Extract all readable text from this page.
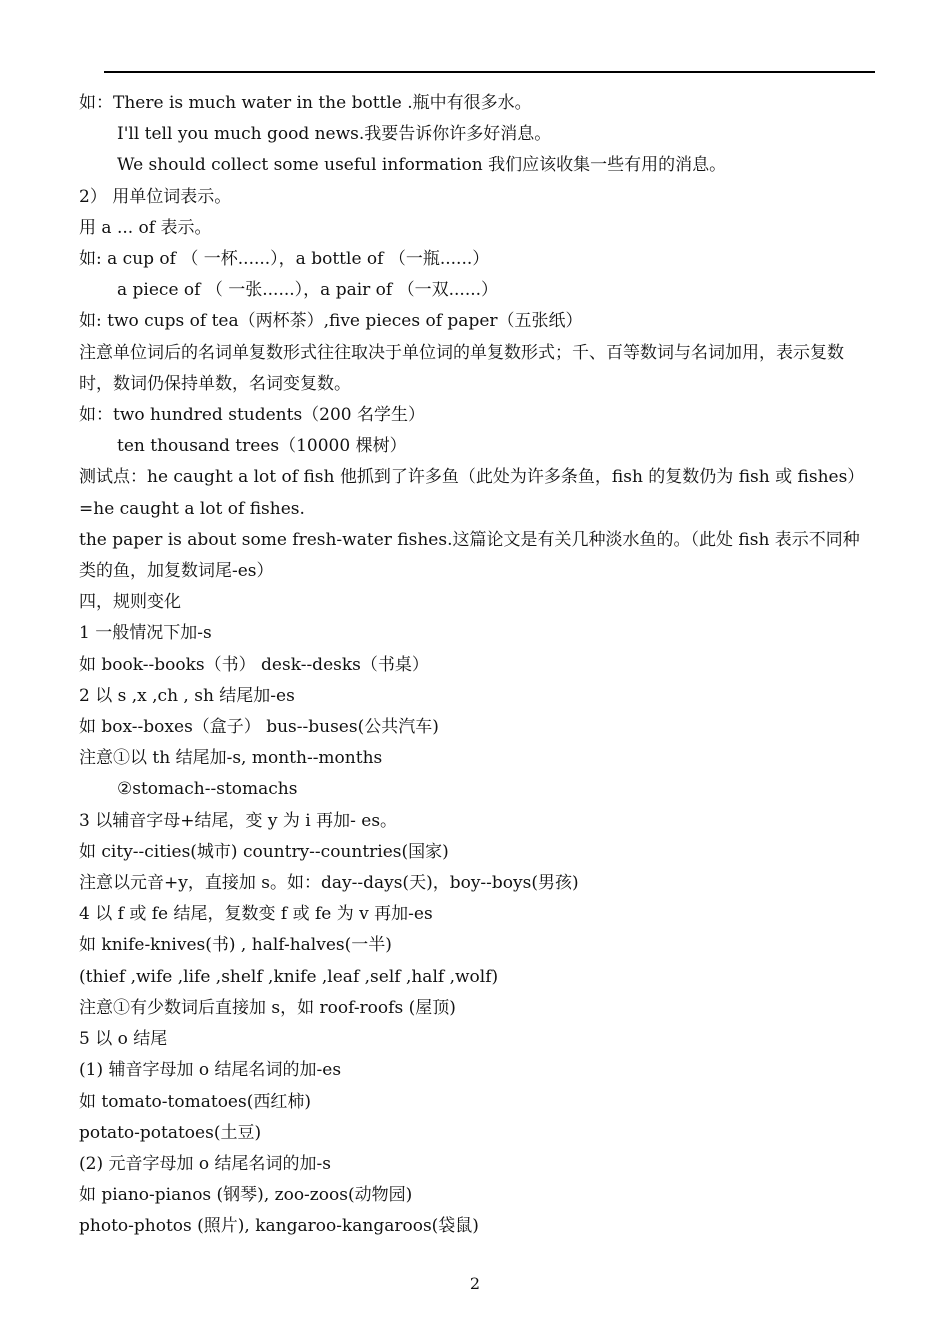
如：There is much water in the bottle .瓶中有很多水。
I'll tell you much good news.我要告诉你许多好消息。
We should collect some useful information 我们应该收集一些有用的消息。
2） 用单位词表示。
用 a ... of 表示。
如: a cup of （ 一杯......），a bottle of （一瓶......）
a piece of （ 一张......），a pair of （一双......）
如: two cups of tea（两杯茶）,five pieces of paper（五张纸）
注意单位词后的名词单复数形式往往取决于单位词的单复数形式；千、百等数词与名词加用，表示复数时，数词仍保持单数，名词变复数。
如：two hundred students（200 名学生）
ten thousand trees（10000 棵树）
测试点：he caught a lot of fish 他抓到了许多鱼（此处为许多条鱼，fish 的复数仍为 fish 或 fishes）=he caught a lot of fishes.
the paper is about some fresh-water fishes.这篇论文是有关几种淡水鱼的。（此处 fish 表示不同种类的鱼，加复数词尾-es）
四，规则变化
1 一般情况下加-s
如 book--books（书） desk--desks（书桌）
2 以 s ,x ,ch , sh 结尾加-es
如 box--boxes（盒子） bus--buses(公共汽车)
注意①以 th 结尾加-s, month--months
②stomach--stomachs
3 以辅音字母+结尾，变 y 为 i 再加- es。
如 city--cities(城市) country--countries(国家)
注意以元音+y，直接加 s。如：day--days(天)，boy--boys(男孩)
4 以 f 或 fe 结尾，复数变 f 或 fe 为 v 再加-es
如 knife-knives(书) , half-halves(一半)
(thief ,wife ,life ,shelf ,knife ,leaf ,self ,half ,wolf)
注意①有少数词后直接加 s，如 roof-roofs (屋顶)
5 以 o 结尾
(1) 辅音字母加 o 结尾名词的加-es
如 tomato-tomatoes(西红柿)
potato-potatoes(土豆)
(2) 元音字母加 o 结尾名词的加-s
如 piano-pianos (钢琴), zoo-zoos(动物园)
photo-photos (照片), kangaroo-kangaroos(袋鼠)
2
